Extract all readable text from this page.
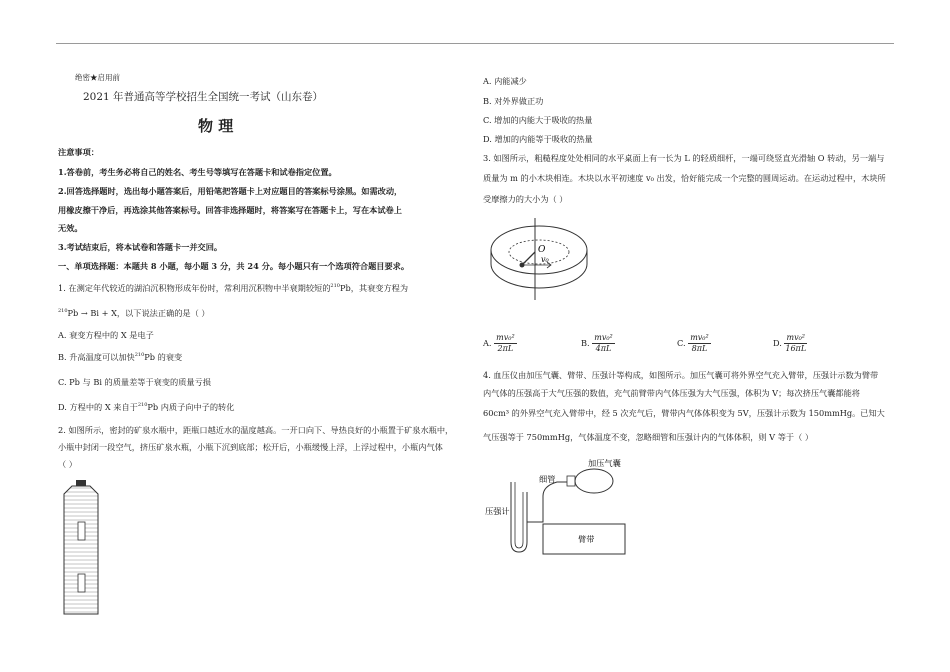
绝密★启用前
2021 年普通高等学校招生全国统一考试（山东卷）
物 理
注意事项：
1.答卷前，考生务必将自己的姓名、考生号等填写在答题卡和试卷指定位置。
2.回答选择题时，选出每小题答案后，用铅笔把答题卡上对应题目的答案标号涂黑。如需改动，
用橡皮擦干净后，再选涂其他答案标号。回答非选择题时，将答案写在答题卡上，写在本试卷上
无效。
3.考试结束后，将本试卷和答题卡一并交回。
一、单项选择题：本题共 8 小题，每小题 3 分，共 24 分。每小题只有一个选项符合题目要求。
1. 在测定年代较近的湖泊沉积物形成年份时，常利用沉积物中半衰期较短的$^{210}$Pb，其衰变方程为
$^{210}$Pb → Bi + X，以下说法正确的是（ ）
A. 衰变方程中的 X 是电子
B. 升高温度可以加快$^{210}$Pb 的衰变
C. Pb 与 Bi 的质量差等于衰变的质量亏损
D. 方程中的 X 来自于$^{210}$Pb 内质子向中子的转化
2. 如图所示，密封的矿泉水瓶中，距瓶口越近水的温度越高。一开口向下、导热良好的小瓶置于矿泉水瓶中，
小瓶中封闭一段空气，挤压矿泉水瓶，小瓶下沉到底部；松开后，小瓶缓慢上浮，上浮过程中，小瓶内气体
（ ）
A. 内能减少
B. 对外界做正功
C. 增加的内能大于吸收的热量
D. 增加的内能等于吸收的热量
3. 如图所示，粗糙程度处处相同的水平桌面上有一长为 L 的轻质细杆，一端可绕竖直光滑轴 O 转动，另一端与
质量为 m 的小木块相连。木块以水平初速度 v₀ 出发，恰好能完成一个完整的圆周运动。在运动过程中，木块所
受摩擦力的大小为（ ）
O
v₀
A. $\frac{\text{mv₀²}}{2\pi L}$	B. $\frac{\text{mv₀²}}{4\pi L}$	C. $\frac{\text{mv₀²}}{8\pi L}$	D. $\frac{\text{mv₀²}}{16\pi L}$
4. 血压仪由加压气囊、臂带、压强计等构成，如图所示。加压气囊可将外界空气充入臂带，压强计示数为臂带
内气体的压强高于大气压强的数值，充气前臂带内气体压强为大气压强，体积为 V；每次挤压气囊都能将
60cm³ 的外界空气充入臂带中，经 5 次充气后，臂带内气体体积变为 5V，压强计示数为 150mmHg。已知大
气压强等于 750mmHg，气体温度不变，忽略细管和压强计内的气体体积，则 V 等于（ ）
加压气囊
细管
压强计
臂带
